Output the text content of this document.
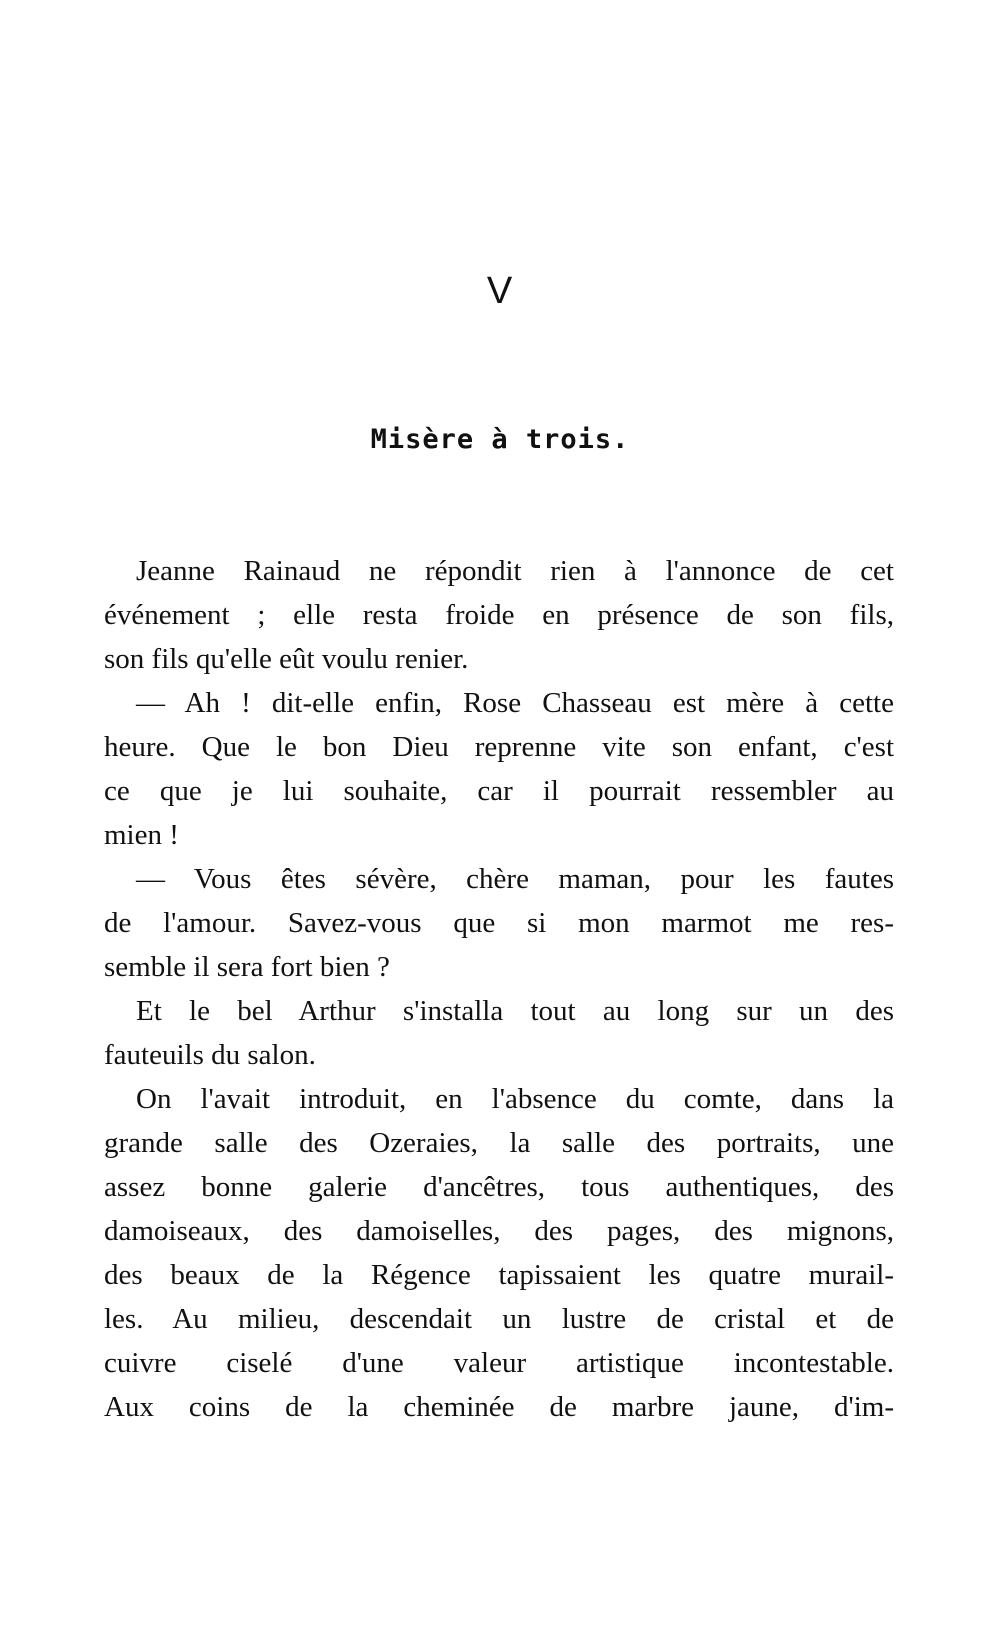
V
Misère à trois.
Jeanne Rainaud ne répondit rien à l'annonce de cet
événement ; elle resta froide en présence de son fils,
son fils qu'elle eût voulu renier.
— Ah ! dit-elle enfin, Rose Chasseau est mère à cette
heure. Que le bon Dieu reprenne vite son enfant, c'est
ce que je lui souhaite, car il pourrait ressembler au
mien !
— Vous êtes sévère, chère maman, pour les fautes
de l'amour. Savez-vous que si mon marmot me res-
semble il sera fort bien ?
Et le bel Arthur s'installa tout au long sur un des
fauteuils du salon.
On l'avait introduit, en l'absence du comte, dans la
grande salle des Ozeraies, la salle des portraits, une
assez bonne galerie d'ancêtres, tous authentiques, des
damoiseaux, des damoiselles, des pages, des mignons,
des beaux de la Régence tapissaient les quatre murail-
les. Au milieu, descendait un lustre de cristal et de
cuivre ciselé d'une valeur artistique incontestable.
Aux coins de la cheminée de marbre jaune, d'im-
